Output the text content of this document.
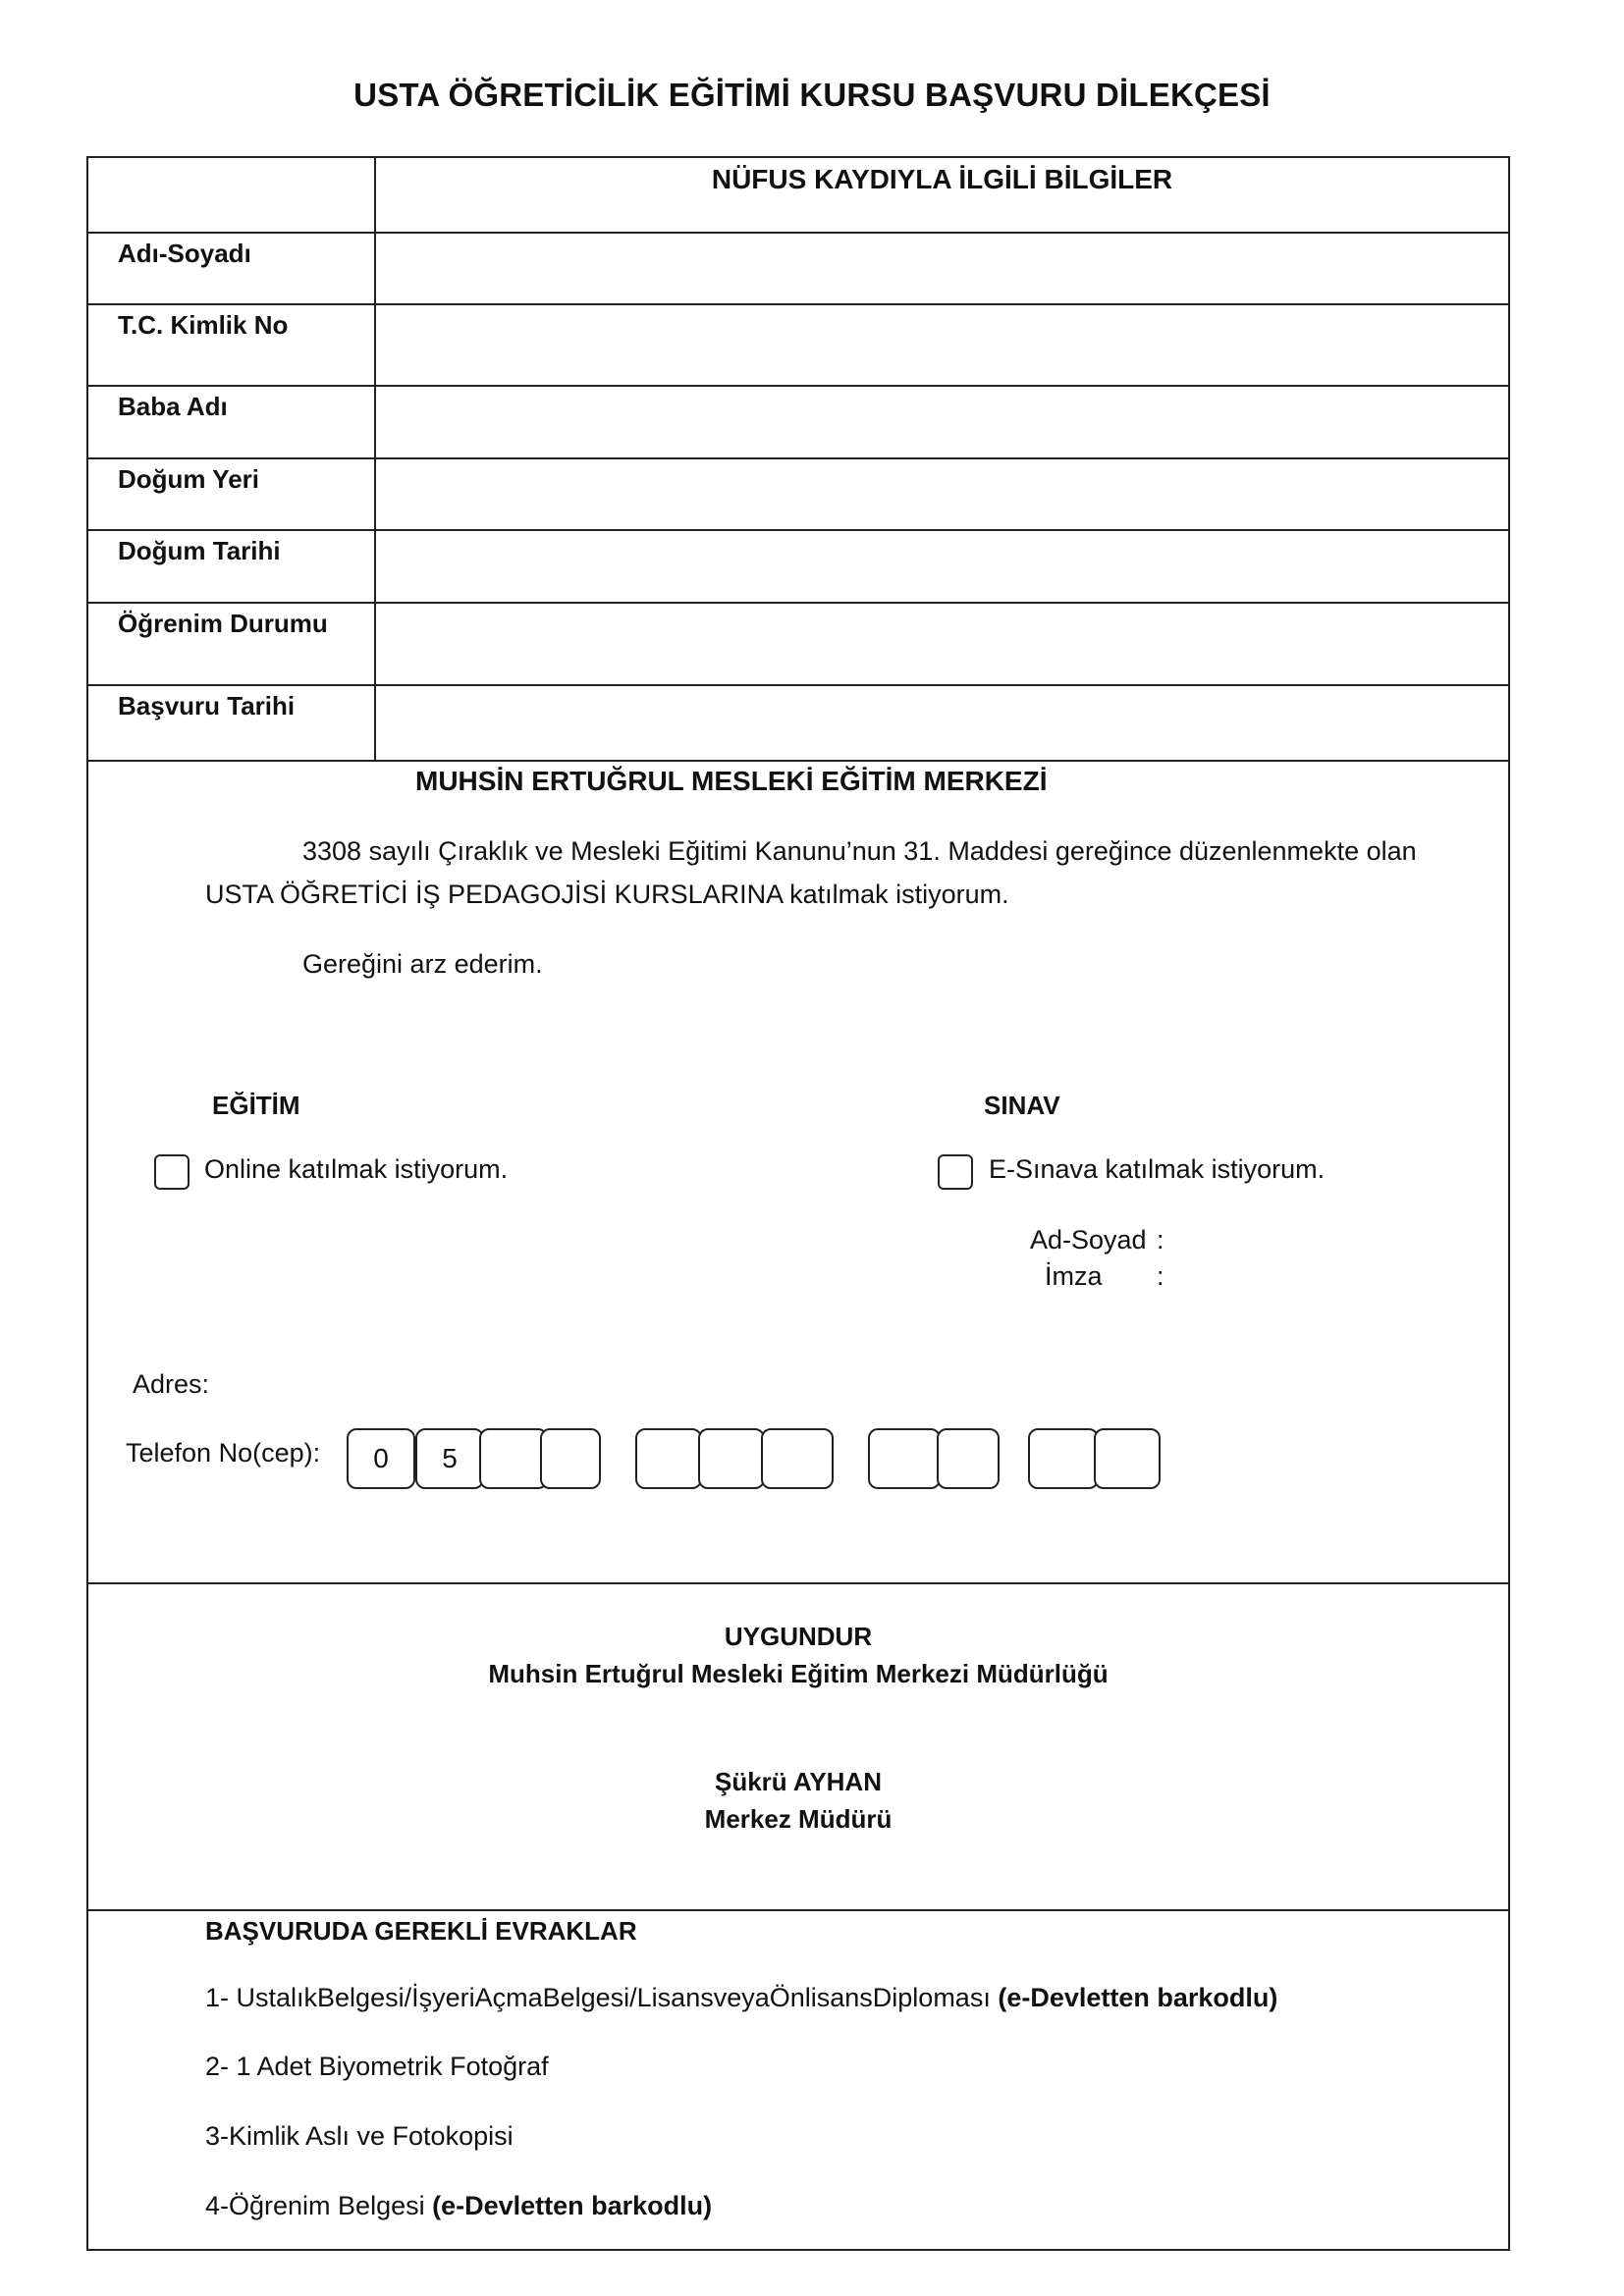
USTA ÖĞRETİCİLİK EĞİTİMİ KURSU BAŞVURU DİLEKÇESİ
NÜFUS KAYDIYLA İLGİLİ BİLGİLER
Adı-Soyadı
T.C. Kimlik No
Baba Adı
Doğum Yeri
Doğum Tarihi
Öğrenim Durumu
Başvuru Tarihi
MUHSİN ERTUĞRUL MESLEKİ EĞİTİM MERKEZİ
3308 sayılı Çıraklık ve Mesleki Eğitimi Kanunu’nun 31. Maddesi gereğince düzenlenmekte olan
USTA ÖĞRETİCİ İŞ PEDAGOJİSİ KURSLARINA katılmak istiyorum.
Gereğini arz ederim.
EĞİTİM
Online katılmak istiyorum.
SINAV
E-Sınava katılmak istiyorum.
Ad-Soyad :
İmza :
Adres:
Telefon No(cep):	0	5
UYGUNDUR
Muhsin Ertuğrul Mesleki Eğitim Merkezi Müdürlüğü
Şükrü AYHAN
Merkez Müdürü
BAŞVURUDA GEREKLİ EVRAKLAR
1- UstalıkBelgesi/İşyeriAçmaBelgesi/LisansveyaÖnlisansDiploması (e-Devletten barkodlu)
2- 1 Adet Biyometrik Fotoğraf
3-Kimlik Aslı ve Fotokopisi
4-Öğrenim Belgesi (e-Devletten barkodlu)
